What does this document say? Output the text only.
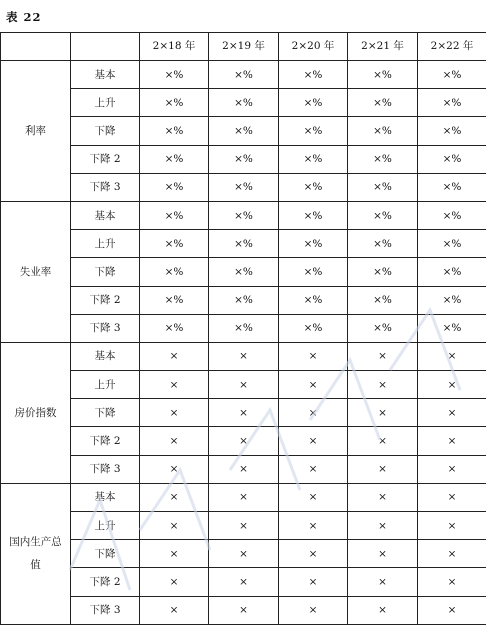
表 22
		2×18 年	2×19 年	2×20 年	2×21 年	2×22 年
利率	基本	×%	×%	×%	×%	×%
	上升	×%	×%	×%	×%	×%
	下降	×%	×%	×%	×%	×%
	下降 2	×%	×%	×%	×%	×%
	下降 3	×%	×%	×%	×%	×%
失业率	基本	×%	×%	×%	×%	×%
	上升	×%	×%	×%	×%	×%
	下降	×%	×%	×%	×%	×%
	下降 2	×%	×%	×%	×%	×%
	下降 3	×%	×%	×%	×%	×%
房价指数	基本	×	×	×	×	×
	上升	×	×	×	×	×
	下降	×	×	×	×	×
	下降 2	×	×	×	×	×
	下降 3	×	×	×	×	×
国内生产总值	基本	×	×	×	×	×
	上升	×	×	×	×	×
	下降	×	×	×	×	×
	下降 2	×	×	×	×	×
	下降 3	×	×	×	×	×
